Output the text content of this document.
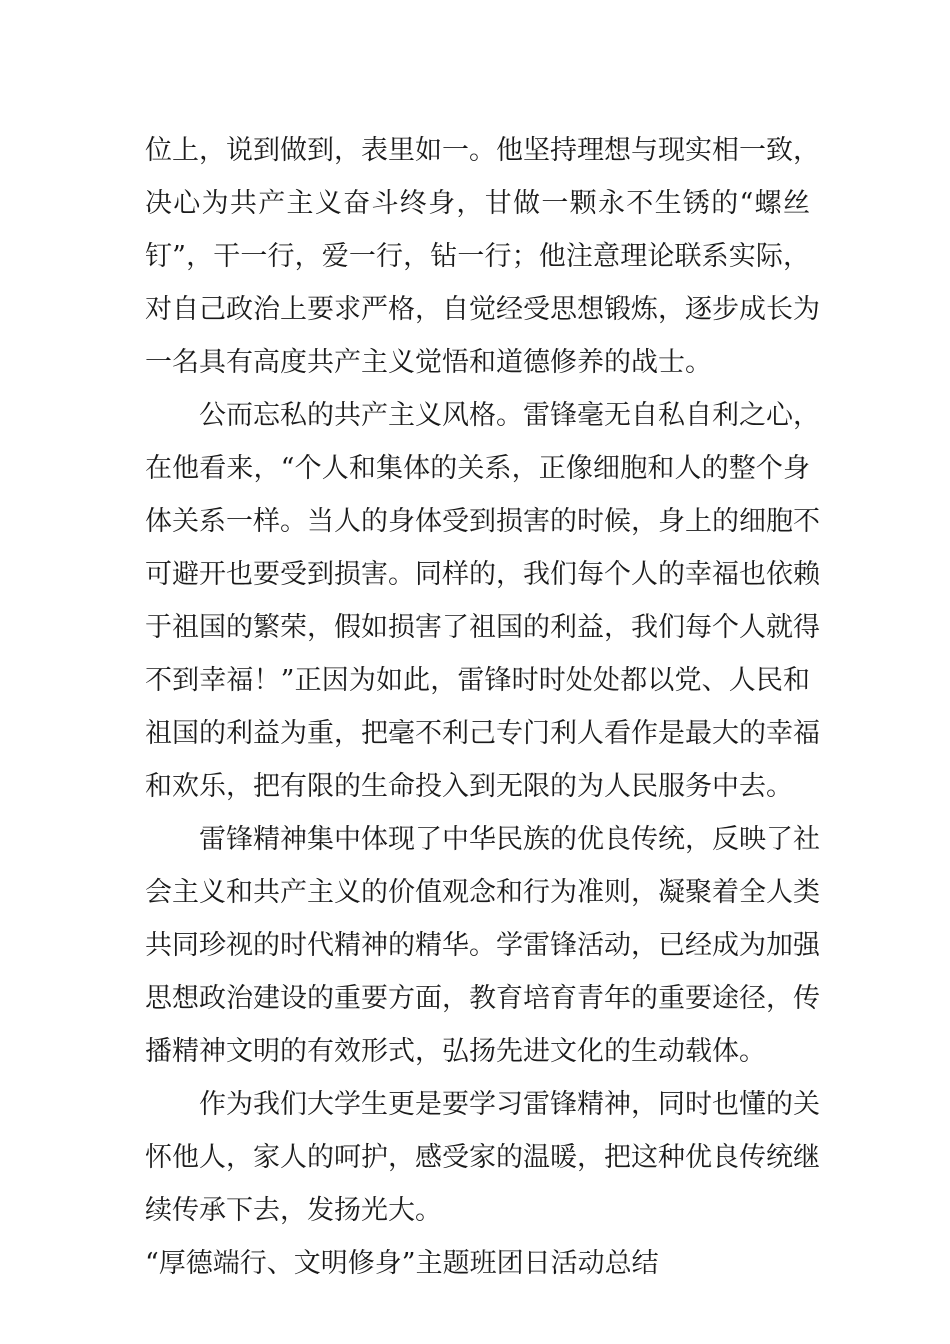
位上，说到做到，表里如一。他坚持理想与现实相一致，
决心为共产主义奋斗终身，甘做一颗永不生锈的“螺丝
钉”，干一行，爱一行，钻一行；他注意理论联系实际，
对自己政治上要求严格，自觉经受思想锻炼，逐步成长为
一名具有高度共产主义觉悟和道德修养的战士。

公而忘私的共产主义风格。雷锋毫无自私自利之心，
在他看来，“个人和集体的关系，正像细胞和人的整个身
体关系一样。当人的身体受到损害的时候，身上的细胞不
可避开也要受到损害。同样的，我们每个人的幸福也依赖
于祖国的繁荣，假如损害了祖国的利益，我们每个人就得
不到幸福！”正因为如此，雷锋时时处处都以党、人民和
祖国的利益为重，把毫不利己专门利人看作是最大的幸福
和欢乐，把有限的生命投入到无限的为人民服务中去。

雷锋精神集中体现了中华民族的优良传统，反映了社
会主义和共产主义的价值观念和行为准则，凝聚着全人类
共同珍视的时代精神的精华。学雷锋活动，已经成为加强
思想政治建设的重要方面，教育培育青年的重要途径，传
播精神文明的有效形式，弘扬先进文化的生动载体。

作为我们大学生更是要学习雷锋精神，同时也懂的关
怀他人，家人的呵护，感受家的温暖，把这种优良传统继
续传承下去，发扬光大。

“厚德端行、文明修身”主题班团日活动总结
